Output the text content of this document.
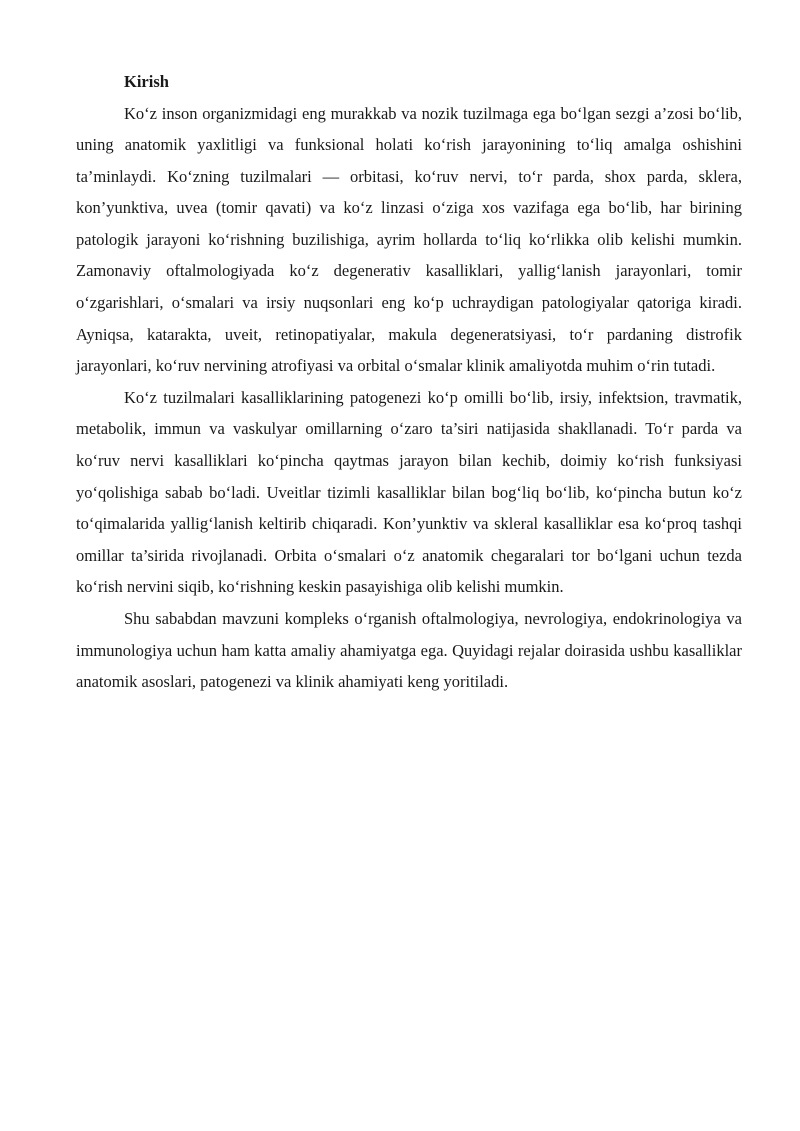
Kirish

Ko‘z inson organizmidagi eng murakkab va nozik tuzilmaga ega bo‘lgan sezgi a’zosi bo‘lib, uning anatomik yaxlitligi va funksional holati ko‘rish jarayonining to‘liq amalga oshishini ta’minlaydi. Ko‘zning tuzilmalari — orbitasi, ko‘ruv nervi, to‘r parda, shox parda, sklera, kon’yunktiva, uvea (tomir qavati) va ko‘z linzasi o‘ziga xos vazifaga ega bo‘lib, har birining patologik jarayoni ko‘rishning buzilishiga, ayrim hollarda to‘liq ko‘rlikka olib kelishi mumkin. Zamonaviy oftalmologiyada ko‘z degenerativ kasalliklari, yallig‘lanish jarayonlari, tomir o‘zgarishlari, o‘smalari va irsiy nuqsonlari eng ko‘p uchraydigan patologiyalar qatoriga kiradi. Ayniqsa, katarakta, uveit, retinopatiyalar, makula degeneratsiyasi, to‘r pardaning distrofik jarayonlari, ko‘ruv nervining atrofiyasi va orbital o‘smalar klinik amaliyotda muhim o‘rin tutadi.

Ko‘z tuzilmalari kasalliklarining patogenezi ko‘p omilli bo‘lib, irsiy, infektsion, travmatik, metabolik, immun va vaskulyar omillarning o‘zaro ta’siri natijasida shakllanadi. To‘r parda va ko‘ruv nervi kasalliklari ko‘pincha qaytmas jarayon bilan kechib, doimiy ko‘rish funksiyasi yo‘qolishiga sabab bo‘ladi. Uveitlar tizimli kasalliklar bilan bog‘liq bo‘lib, ko‘pincha butun ko‘z to‘qimalarida yallig‘lanish keltirib chiqaradi. Kon’yunktiv va skleral kasalliklar esa ko‘proq tashqi omillar ta’sirida rivojlanadi. Orbita o‘smalari o‘z anatomik chegaralari tor bo‘lgani uchun tezda ko‘rish nervini siqib, ko‘rishning keskin pasayishiga olib kelishi mumkin.

Shu sababdan mavzuni kompleks o‘rganish oftalmologiya, nevrologiya, endokrinologiya va immunologiya uchun ham katta amaliy ahamiyatga ega. Quyidagi rejalar doirasida ushbu kasalliklar anatomik asoslari, patogenezi va klinik ahamiyati keng yoritiladi.
